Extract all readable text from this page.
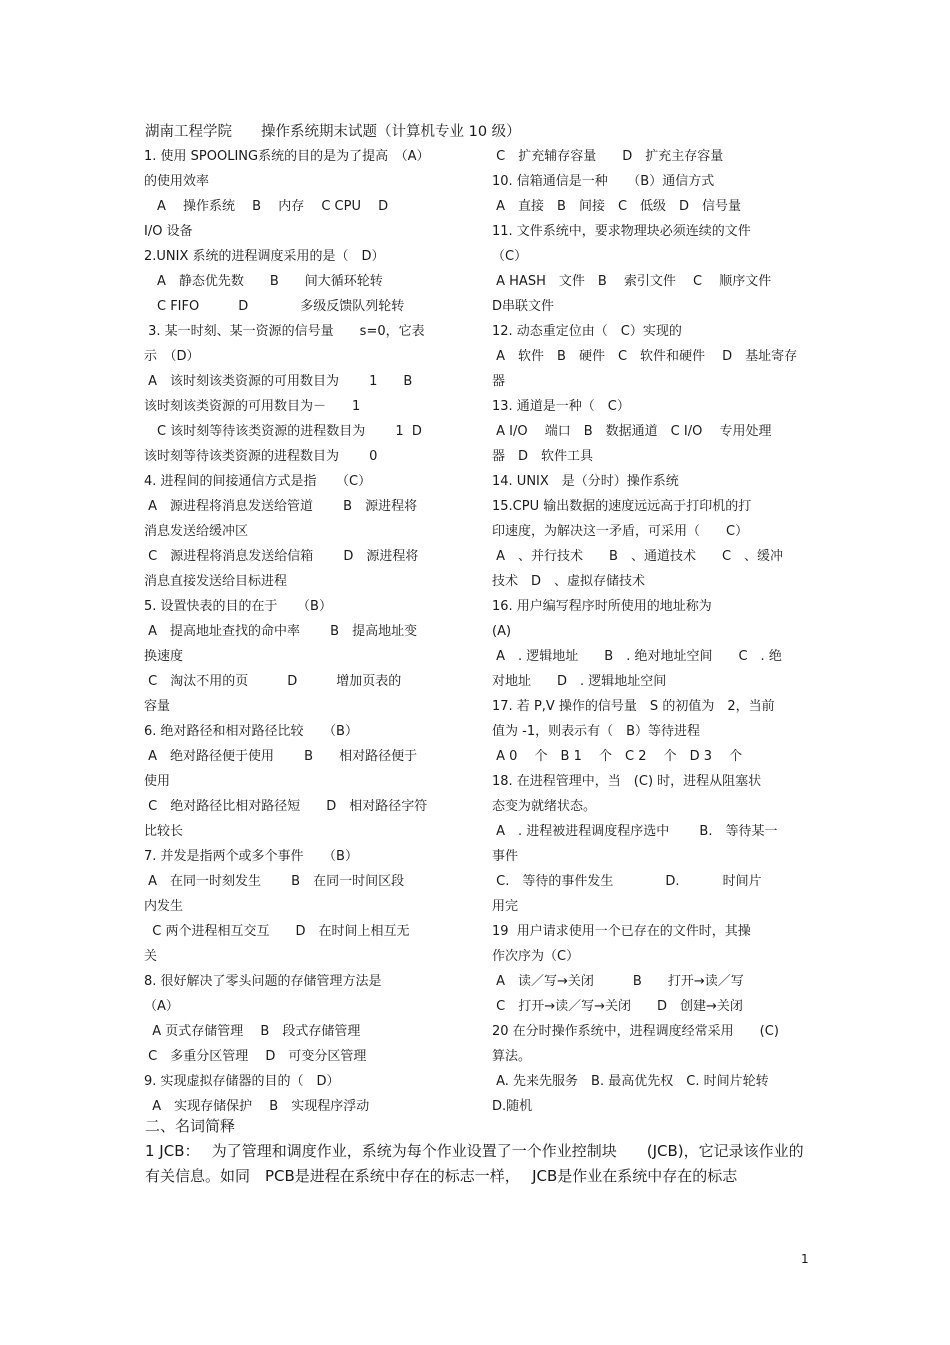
湖南工程学院　　操作系统期末试题（计算机专业 10 级）
1. 使用 SPOOLING系统的目的是为了提高　（A）
的使用效率
　A　 操作系统　 B　 内存　 C CPU　 D
I/O 设备
2.UNIX 系统的进程调度采用的是（　D）
　A　静态优先数　　B　　间大循环轮转
　C FIFO　　　D　　　　多级反馈队列轮转
3. 某一时刻、某一资源的信号量　　s=0，它表
示　（D）
A　该时刻该类资源的可用数目为　　 1　　B
该时刻该类资源的可用数目为－　　1
　C 该时刻等待该类资源的进程数目为　　 1  D
该时刻等待该类资源的进程数目为　　 0
4. 进程间的间接通信方式是指　　（C）
A　源进程将消息发送给管道　　 B　源进程将
消息发送给缓冲区
C　源进程将消息发送给信箱　　 D　源进程将
消息直接发送给目标进程
5. 设置快表的目的在于　　（B）
A　提高地址查找的命中率　　 B　提高地址变
换速度
C　淘汰不用的页　　　D　　　增加页表的
容量
6. 绝对路径和相对路径比较　　（B）
A　绝对路径便于使用　　 B　　相对路径便于
使用
C　绝对路径比相对路径短　　D　相对路径字符
比较长
7. 并发是指两个或多个事件　　（B）
A　在同一时刻发生　　 B　在同一时间区段
内发生
C 两个进程相互交互　　D　在时间上相互无
关
8. 很好解决了零头问题的存储管理方法是
（A）
A 页式存储管理　 B　段式存储管理
C　多重分区管理　 D　可变分区管理
9. 实现虚拟存储器的目的（　D）
A　实现存储保护　 B　实现程序浮动
C　扩充辅存容量　　D　扩充主存容量
10. 信箱通信是一种　　（B）通信方式
A　直接　B　间接　C　低级　D　信号量
11. 文件系统中，要求物理块必须连续的文件
（C）
A HASH　文件　B　 索引文件　 C　 顺序文件
D串联文件
12. 动态重定位由（　C）实现的
A　软件　B　硬件　C　软件和硬件　 D　基址寄存
器
13. 通道是一种（　C）
A I/O　 端口　B　数据通道　C I/O　 专用处理
器　D　软件工具
14. UNIX　是（分时）操作系统
15.CPU 输出数据的速度远远高于打印机的打
印速度，为解决这一矛盾，可采用（　　C）
A　、并行技术　　B　、通道技术　　C　、缓冲
技术　D　、虚拟存储技术
16. 用户编写程序时所使用的地址称为
(A)
A　. 逻辑地址　　B　. 绝对地址空间　　C　. 绝
对地址　　D　. 逻辑地址空间
17. 若 P,V 操作的信号量　S 的初值为　2，当前
值为 -1，则表示有（　B）等待进程
A 0　 个　B 1　 个　C 2　 个　D 3　 个
18. 在进程管理中，当　(C) 时，进程从阻塞状
态变为就绪状态。
A　. 进程被进程调度程序选中　　 B.　等待某一
事件
C.　等待的事件发生　　　　D.　　　 时间片
用完
19  用户请求使用一个已存在的文件时，其操
作次序为（C）
A　读／写→关闭　　　B　　打开→读／写
C　打开→读／写→关闭　　D　创建→关闭
20 在分时操作系统中，进程调度经常采用　　(C)
算法。
A. 先来先服务　B. 最高优先权　C. 时间片轮转
D.随机
二、名词简释
1 JCB：　 为了管理和调度作业，系统为每个作业设置了一个作业控制块　　(JCB)，它记录该作业的有关信息。如同　PCB是进程在系统中存在的标志一样，　 JCB是作业在系统中存在的标志
1
